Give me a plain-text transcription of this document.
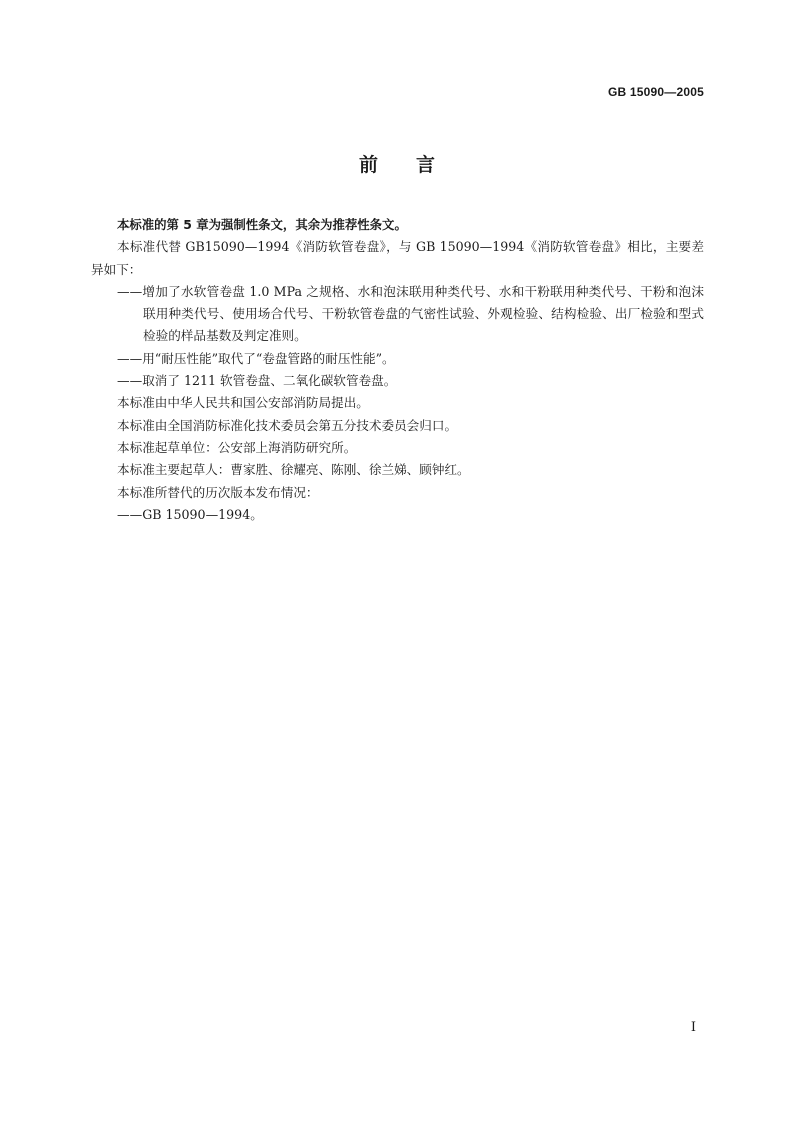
GB 15090—2005
前言

本标准的第 5 章为强制性条文，其余为推荐性条文。

本标准代替 GB15090—1994《消防软管卷盘》，与 GB 15090—1994《消防软管卷盘》相比，主要差异如下：

——增加了水软管卷盘 1.0 MPa 之规格、水和泡沫联用种类代号、水和干粉联用种类代号、干粉和泡沫联用种类代号、使用场合代号、干粉软管卷盘的气密性试验、外观检验、结构检验、出厂检验和型式检验的样品基数及判定准则。

——用“耐压性能”取代了“卷盘管路的耐压性能”。

——取消了 1211 软管卷盘、二氧化碳软管卷盘。

本标准由中华人民共和国公安部消防局提出。

本标准由全国消防标准化技术委员会第五分技术委员会归口。

本标准起草单位：公安部上海消防研究所。

本标准主要起草人：曹家胜、徐耀亮、陈刚、徐兰娣、顾钟红。

本标准所替代的历次版本发布情况：

——GB 15090—1994。

I
